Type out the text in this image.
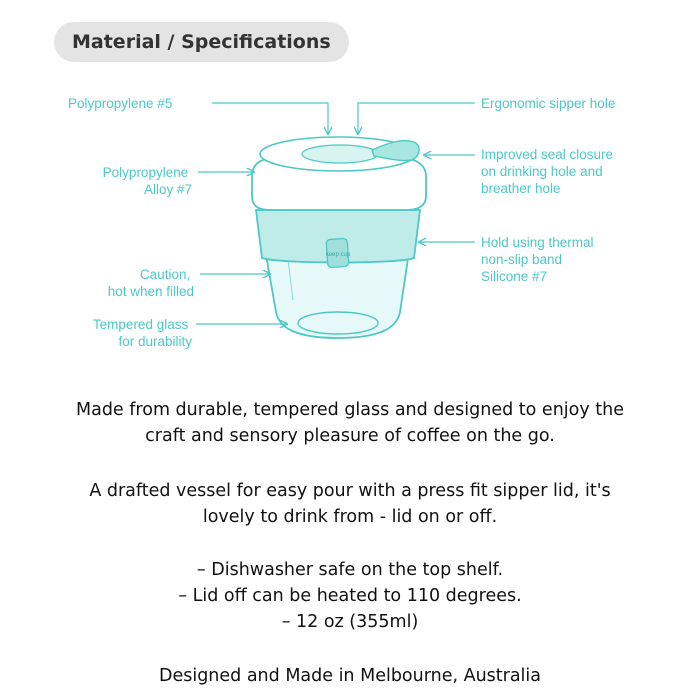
Material / Specifications
keep cup
Polypropylene #5
Polypropylene Alloy #7
Caution, hot when filled
Tempered glass for durability
Ergonomic sipper hole
Improved seal closure on drinking hole and breather hole
Hold using thermal non-slip band Silicone #7

Made from durable, tempered glass and designed to enjoy the

craft and sensory pleasure of coffee on the go.

A drafted vessel for easy pour with a press fit sipper lid, it's

lovely to drink from - lid on or off.

– Dishwasher safe on the top shelf.

– Lid off can be heated to 110 degrees.

– 12 oz (355ml)

Designed and Made in Melbourne, Australia
